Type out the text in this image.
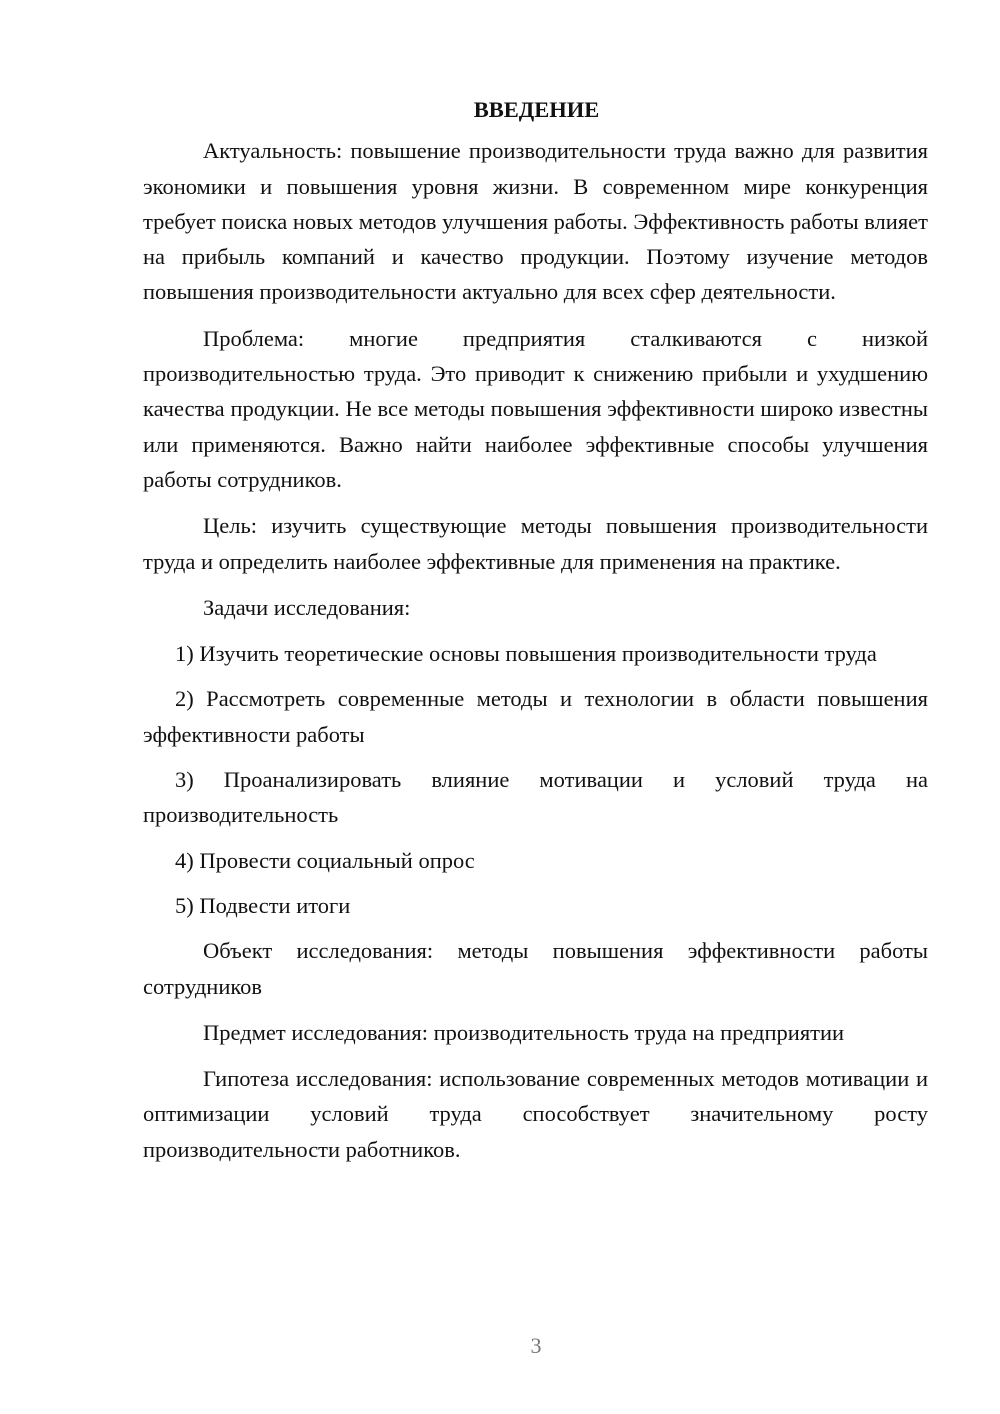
ВВЕДЕНИЕ

Актуальность: повышение производительности труда важно для развития экономики и повышения уровня жизни. В современном мире конкуренция требует поиска новых методов улучшения работы. Эффективность работы влияет на прибыль компаний и качество продукции. Поэтому изучение методов повышения производительности актуально для всех сфер деятельности.

Проблема: многие предприятия сталкиваются с низкой производительностью труда. Это приводит к снижению прибыли и ухудшению качества продукции. Не все методы повышения эффективности широко известны или применяются. Важно найти наиболее эффективные способы улучшения работы сотрудников.

Цель: изучить существующие методы повышения производительности труда и определить наиболее эффективные для применения на практике.

Задачи исследования:

1) Изучить теоретические основы повышения производительности труда

2) Рассмотреть современные методы и технологии в области повышения эффективности работы

3) Проанализировать влияние мотивации и условий труда на производительность

4) Провести социальный опрос

5) Подвести итоги

Объект исследования: методы повышения эффективности работы сотрудников

Предмет исследования: производительность труда на предприятии

Гипотеза исследования: использование современных методов мотивации и оптимизации условий труда способствует значительному росту производительности работников.

3
